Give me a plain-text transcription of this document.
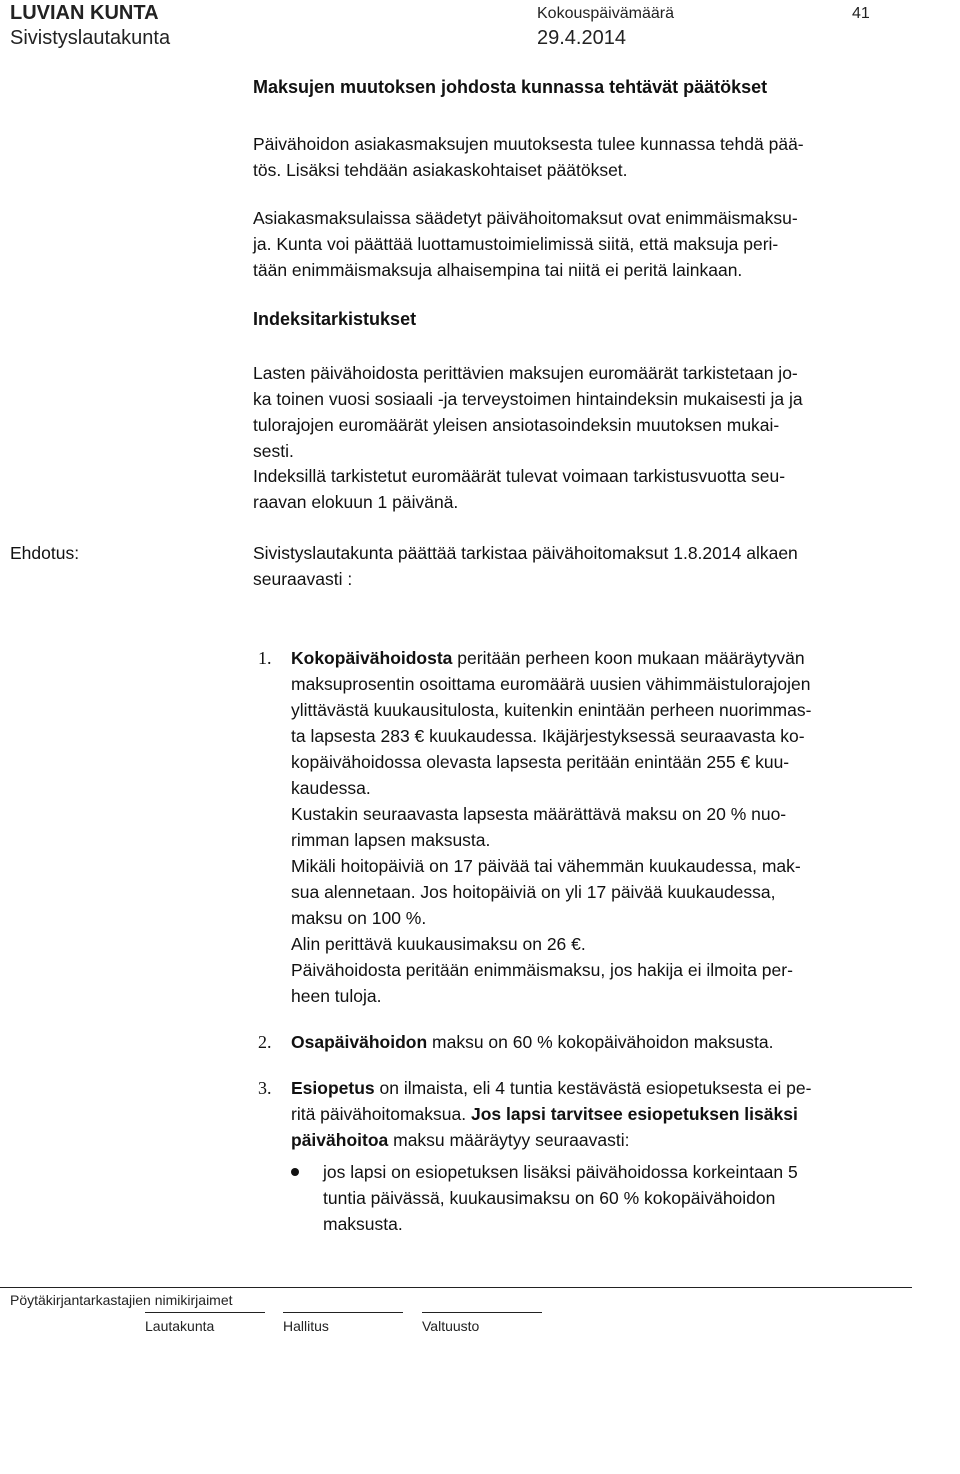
LUVIAN KUNTA
Sivistyslautakunta
Kokouspäivämäärä
29.4.2014
41
Maksujen muutoksen johdosta kunnassa tehtävät päätökset
Päivähoidon asiakasmaksujen muutoksesta tulee kunnassa tehdä pää-
tös. Lisäksi tehdään asiakaskohtaiset päätökset.
Asiakasmaksulaissa säädetyt päivähoitomaksut ovat enimmäismaksu-
ja. Kunta voi päättää luottamustoimielimissä siitä, että maksuja peri-
tään enimmäismaksuja alhaisempina tai niitä ei peritä lainkaan.
Indeksitarkistukset
Lasten päivähoidosta perittävien maksujen euromäärät tarkistetaan jo-
ka toinen vuosi sosiaali -ja terveystoimen hintaindeksin mukaisesti ja ja
tulorajojen euromäärät yleisen ansiotasoindeksin muutoksen mukai-
sesti.
Indeksillä tarkistetut euromäärät tulevat voimaan tarkistusvuotta seu-
raavan elokuun 1 päivänä.
Ehdotus:	Sivistyslautakunta päättää tarkistaa päivähoitomaksut 1.8.2014 alkaen
seuraavasti :
1. Kokopäivähoidosta peritään perheen koon mukaan määräytyvän
maksuprosentin osoittama euromäärä uusien vähimmäistulorajojen
ylittävästä kuukausitulosta, kuitenkin enintään perheen nuorimmas-
ta lapsesta 283 € kuukaudessa. Ikäjärjestyksessä seuraavasta ko-
kopäivähoidossa olevasta lapsesta peritään enintään 255 € kuu-
kaudessa.
Kustakin seuraavasta lapsesta määrättävä maksu on 20 % nuo-
rimman lapsen maksusta.
Mikäli hoitopäiviä on 17 päivää tai vähemmän kuukaudessa, mak-
sua alennetaan. Jos hoitopäiviä on yli 17 päivää kuukaudessa,
maksu on 100 %.
Alin perittävä kuukausimaksu on 26 €.
Päivähoidosta peritään enimmäismaksu, jos hakija ei ilmoita per-
heen tuloja.
2. Osapäivähoidon maksu on 60 % kokopäivähoidon maksusta.
3. Esiopetus on ilmaista, eli 4 tuntia kestävästä esiopetuksesta ei pe-
ritä päivähoitomaksua. Jos lapsi tarvitsee esiopetuksen lisäksi
päivähoitoa maksu määräytyy seuraavasti:
jos lapsi on esiopetuksen lisäksi päivähoidossa korkeintaan 5
tuntia päivässä, kuukausimaksu on 60 % kokopäivähoidon
maksusta.
Pöytäkirjantarkastajien nimikirjaimet
Lautakunta	Hallitus	Valtuusto
